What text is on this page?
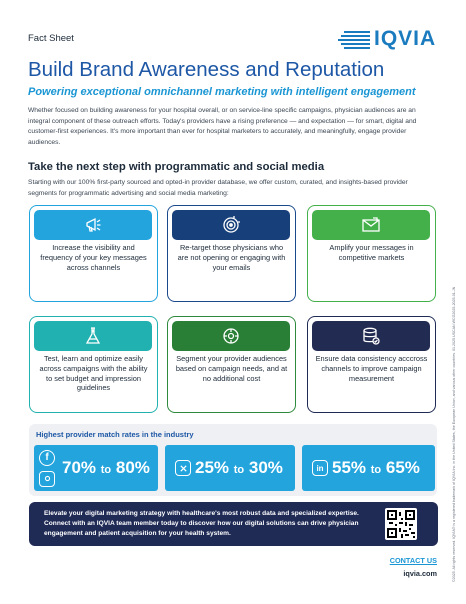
Fact Sheet	IQVIA
Build Brand Awareness and Reputation
Powering exceptional omnichannel marketing with intelligent engagement

Whether focused on building awareness for your hospital overall, or on service-line specific campaigns, physician audiences are an integral component of these outreach efforts. Today's providers have a rising preference — and expectation — for smart, digital and customer-first experiences. It's more important than ever for hospital marketers to accurately, and meaningfully, engage provider audiences.

Take the next step with programmatic and social media

Starting with our 100% first-party sourced and opted-in provider database, we offer custom, curated, and insights-based provider segments for programmatic advertising and social media marketing:

Increase the visibility and frequency of your key messages across channels
Re-target those physicians who are not opening or engaging with your emails
Amplify your messages in competitive markets
Test, learn and optimize easily across campaigns with the ability to set budget and impression guidelines
Segment your provider audiences based on campaign needs, and at no additional cost
Ensure data consistency acccross channels to improve campaign measurement
Highest provider match rates in the industry
f
70% to 80%	25% to 30%	in 55% to 65%

Elevate your digital marketing strategy with healthcare's most robust data and specialized expertise. Connect with an IQVIA team member today to discover how our digital solutions can drive physician engagement and patient acquisition for your health system.

CONTACT US
iqvia.com	©2025. All rights reserved. IQVIA® is a registered trademark of IQVIA Inc. in the United States, the European Union, and various other countries. 01.2025.USCAN.WCG2025-2025-01-JN
